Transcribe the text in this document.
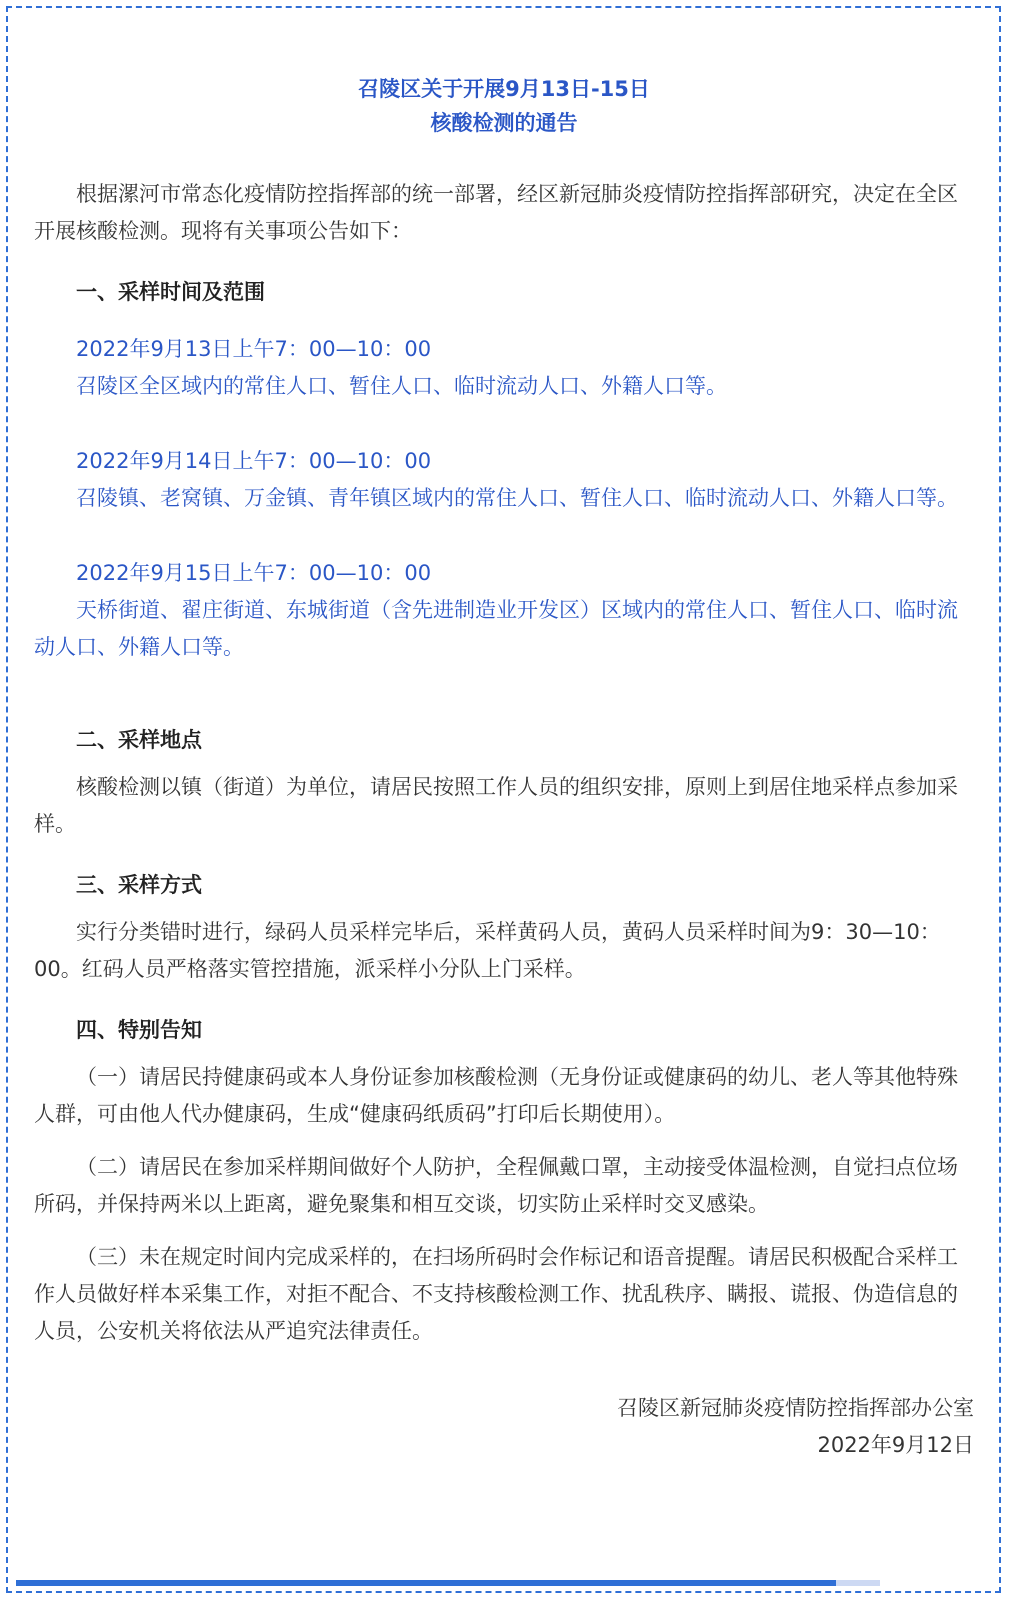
召陵区关于开展9月13日-15日
核酸检测的通告

根据漯河市常态化疫情防控指挥部的统一部署，经区新冠肺炎疫情防控指挥部研究，决定在全区开展核酸检测。现将有关事项公告如下：

一、采样时间及范围

2022年9月13日上午7：00—10：00

召陵区全区域内的常住人口、暂住人口、临时流动人口、外籍人口等。

2022年9月14日上午7：00—10：00

召陵镇、老窝镇、万金镇、青年镇区域内的常住人口、暂住人口、临时流动人口、外籍人口等。

2022年9月15日上午7：00—10：00

天桥街道、翟庄街道、东城街道（含先进制造业开发区）区域内的常住人口、暂住人口、临时流动人口、外籍人口等。

二、采样地点

核酸检测以镇（街道）为单位，请居民按照工作人员的组织安排，原则上到居住地采样点参加采样。

三、采样方式

实行分类错时进行，绿码人员采样完毕后，采样黄码人员，黄码人员采样时间为9：30—10：00。红码人员严格落实管控措施，派采样小分队上门采样。

四、特别告知

（一）请居民持健康码或本人身份证参加核酸检测（无身份证或健康码的幼儿、老人等其他特殊人群，可由他人代办健康码，生成“健康码纸质码”打印后长期使用）。

（二）请居民在参加采样期间做好个人防护，全程佩戴口罩，主动接受体温检测，自觉扫点位场所码，并保持两米以上距离，避免聚集和相互交谈，切实防止采样时交叉感染。

（三）未在规定时间内完成采样的，在扫场所码时会作标记和语音提醒。请居民积极配合采样工作人员做好样本采集工作，对拒不配合、不支持核酸检测工作、扰乱秩序、瞒报、谎报、伪造信息的人员，公安机关将依法从严追究法律责任。

召陵区新冠肺炎疫情防控指挥部办公室

2022年9月12日
